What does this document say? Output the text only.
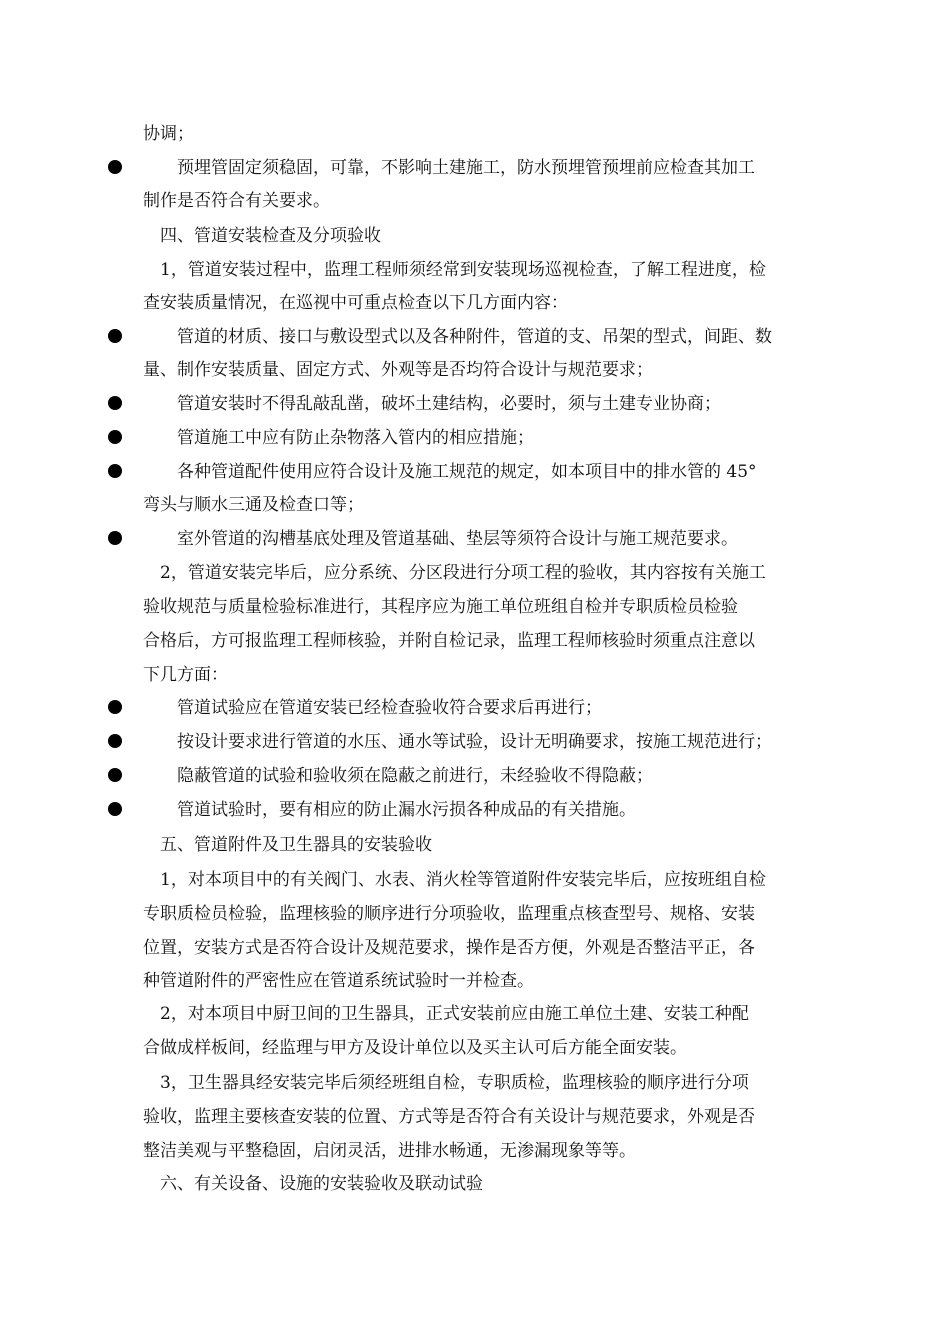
协调；
　　预埋管固定须稳固，可靠，不影响土建施工，防水预埋管预埋前应检查其加工
制作是否符合有关要求。
　四、管道安装检查及分项验收
　1，管道安装过程中，监理工程师须经常到安装现场巡视检查，了解工程进度，检
查安装质量情况，在巡视中可重点检查以下几方面内容：
　　管道的材质、接口与敷设型式以及各种附件，管道的支、吊架的型式，间距、数
量、制作安装质量、固定方式、外观等是否均符合设计与规范要求；
　　管道安装时不得乱敲乱凿，破坏土建结构，必要时，须与土建专业协商；
　　管道施工中应有防止杂物落入管内的相应措施；
　　各种管道配件使用应符合设计及施工规范的规定，如本项目中的排水管的 45°
弯头与顺水三通及检查口等；
　　室外管道的沟槽基底处理及管道基础、垫层等须符合设计与施工规范要求。
　2，管道安装完毕后，应分系统、分区段进行分项工程的验收，其内容按有关施工
验收规范与质量检验标准进行，其程序应为施工单位班组自检并专职质检员检验
合格后，方可报监理工程师核验，并附自检记录，监理工程师核验时须重点注意以
下几方面：
　　管道试验应在管道安装已经检查验收符合要求后再进行；
　　按设计要求进行管道的水压、通水等试验，设计无明确要求，按施工规范进行；
　　隐蔽管道的试验和验收须在隐蔽之前进行，未经验收不得隐蔽；
　　管道试验时，要有相应的防止漏水污损各种成品的有关措施。
　五、管道附件及卫生器具的安装验收
　1，对本项目中的有关阀门、水表、消火栓等管道附件安装完毕后，应按班组自检
专职质检员检验，监理核验的顺序进行分项验收，监理重点核查型号、规格、安装
位置，安装方式是否符合设计及规范要求，操作是否方便，外观是否整洁平正，各
种管道附件的严密性应在管道系统试验时一并检查。
　2，对本项目中厨卫间的卫生器具，正式安装前应由施工单位土建、安装工种配
合做成样板间，经监理与甲方及设计单位以及买主认可后方能全面安装。
　3，卫生器具经安装完毕后须经班组自检，专职质检，监理核验的顺序进行分项
验收，监理主要核查安装的位置、方式等是否符合有关设计与规范要求，外观是否
整洁美观与平整稳固，启闭灵活，进排水畅通，无渗漏现象等等。
　六、有关设备、设施的安装验收及联动试验
